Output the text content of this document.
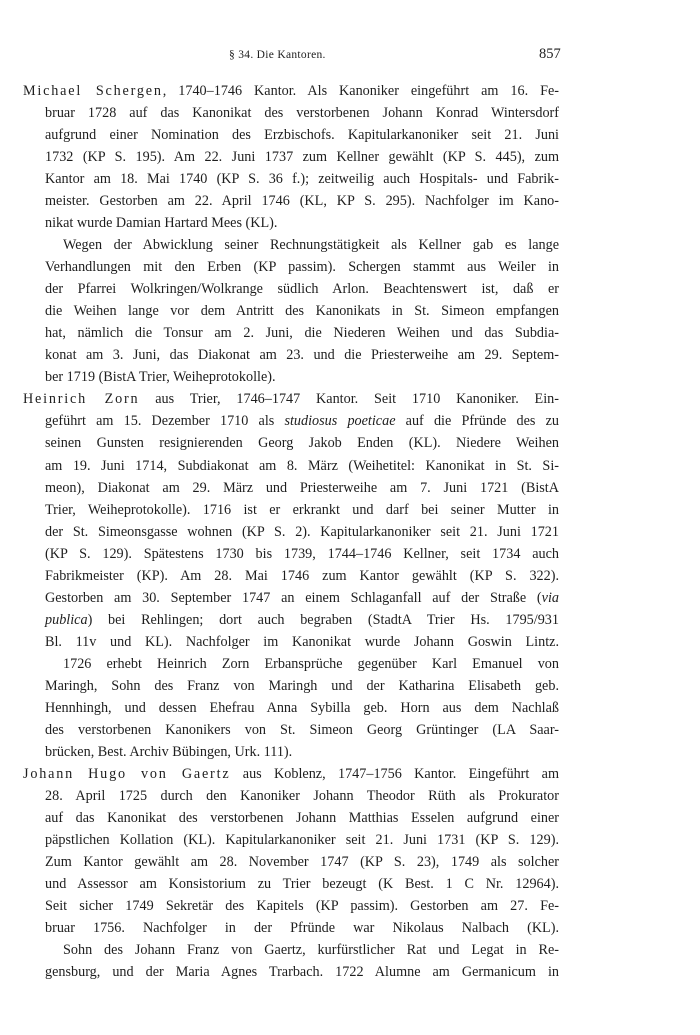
§ 34. Die Kantoren.	857
Michael Schergen, 1740–1746 Kantor. Als Kanoniker eingeführt am 16. Fe-
bruar 1728 auf das Kanonikat des verstorbenen Johann Konrad Wintersdorf
aufgrund einer Nomination des Erzbischofs. Kapitularkanoniker seit 21. Juni
1732 (KP S. 195). Am 22. Juni 1737 zum Kellner gewählt (KP S. 445), zum
Kantor am 18. Mai 1740 (KP S. 36 f.); zeitweilig auch Hospitals- und Fabrik-
meister. Gestorben am 22. April 1746 (KL, KP S. 295). Nachfolger im Kano-
nikat wurde Damian Hartard Mees (KL).
Wegen der Abwicklung seiner Rechnungstätigkeit als Kellner gab es lange
Verhandlungen mit den Erben (KP passim). Schergen stammt aus Weiler in
der Pfarrei Wolkringen/Wolkrange südlich Arlon. Beachtenswert ist, daß er
die Weihen lange vor dem Antritt des Kanonikats in St. Simeon empfangen
hat, nämlich die Tonsur am 2. Juni, die Niederen Weihen und das Subdia-
konat am 3. Juni, das Diakonat am 23. und die Priesterweihe am 29. Septem-
ber 1719 (BistA Trier, Weiheprotokolle).
Heinrich Zorn aus Trier, 1746–1747 Kantor. Seit 1710 Kanoniker. Ein-
geführt am 15. Dezember 1710 als studiosus poeticae auf die Pfründe des zu
seinen Gunsten resignierenden Georg Jakob Enden (KL). Niedere Weihen
am 19. Juni 1714, Subdiakonat am 8. März (Weihetitel: Kanonikat in St. Si-
meon), Diakonat am 29. März und Priesterweihe am 7. Juni 1721 (BistA
Trier, Weiheprotokolle). 1716 ist er erkrankt und darf bei seiner Mutter in
der St. Simeonsgasse wohnen (KP S. 2). Kapitularkanoniker seit 21. Juni 1721
(KP S. 129). Spätestens 1730 bis 1739, 1744–1746 Kellner, seit 1734 auch
Fabrikmeister (KP). Am 28. Mai 1746 zum Kantor gewählt (KP S. 322).
Gestorben am 30. September 1747 an einem Schlaganfall auf der Straße (via
publica) bei Rehlingen; dort auch begraben (StadtA Trier Hs. 1795/931
Bl. 11v und KL). Nachfolger im Kanonikat wurde Johann Goswin Lintz.
1726 erhebt Heinrich Zorn Erbansprüche gegenüber Karl Emanuel von
Maringh, Sohn des Franz von Maringh und der Katharina Elisabeth geb.
Hennhingh, und dessen Ehefrau Anna Sybilla geb. Horn aus dem Nachlaß
des verstorbenen Kanonikers von St. Simeon Georg Grüntinger (LA Saar-
brücken, Best. Archiv Bübingen, Urk. 111).
Johann Hugo von Gaertz aus Koblenz, 1747–1756 Kantor. Eingeführt am
28. April 1725 durch den Kanoniker Johann Theodor Rüth als Prokurator
auf das Kanonikat des verstorbenen Johann Matthias Esselen aufgrund einer
päpstlichen Kollation (KL). Kapitularkanoniker seit 21. Juni 1731 (KP S. 129).
Zum Kantor gewählt am 28. November 1747 (KP S. 23), 1749 als solcher
und Assessor am Konsistorium zu Trier bezeugt (K Best. 1 C Nr. 12964).
Seit sicher 1749 Sekretär des Kapitels (KP passim). Gestorben am 27. Fe-
bruar 1756. Nachfolger in der Pfründe war Nikolaus Nalbach (KL).
Sohn des Johann Franz von Gaertz, kurfürstlicher Rat und Legat in Re-
gensburg, und der Maria Agnes Trarbach. 1722 Alumne am Germanicum in
